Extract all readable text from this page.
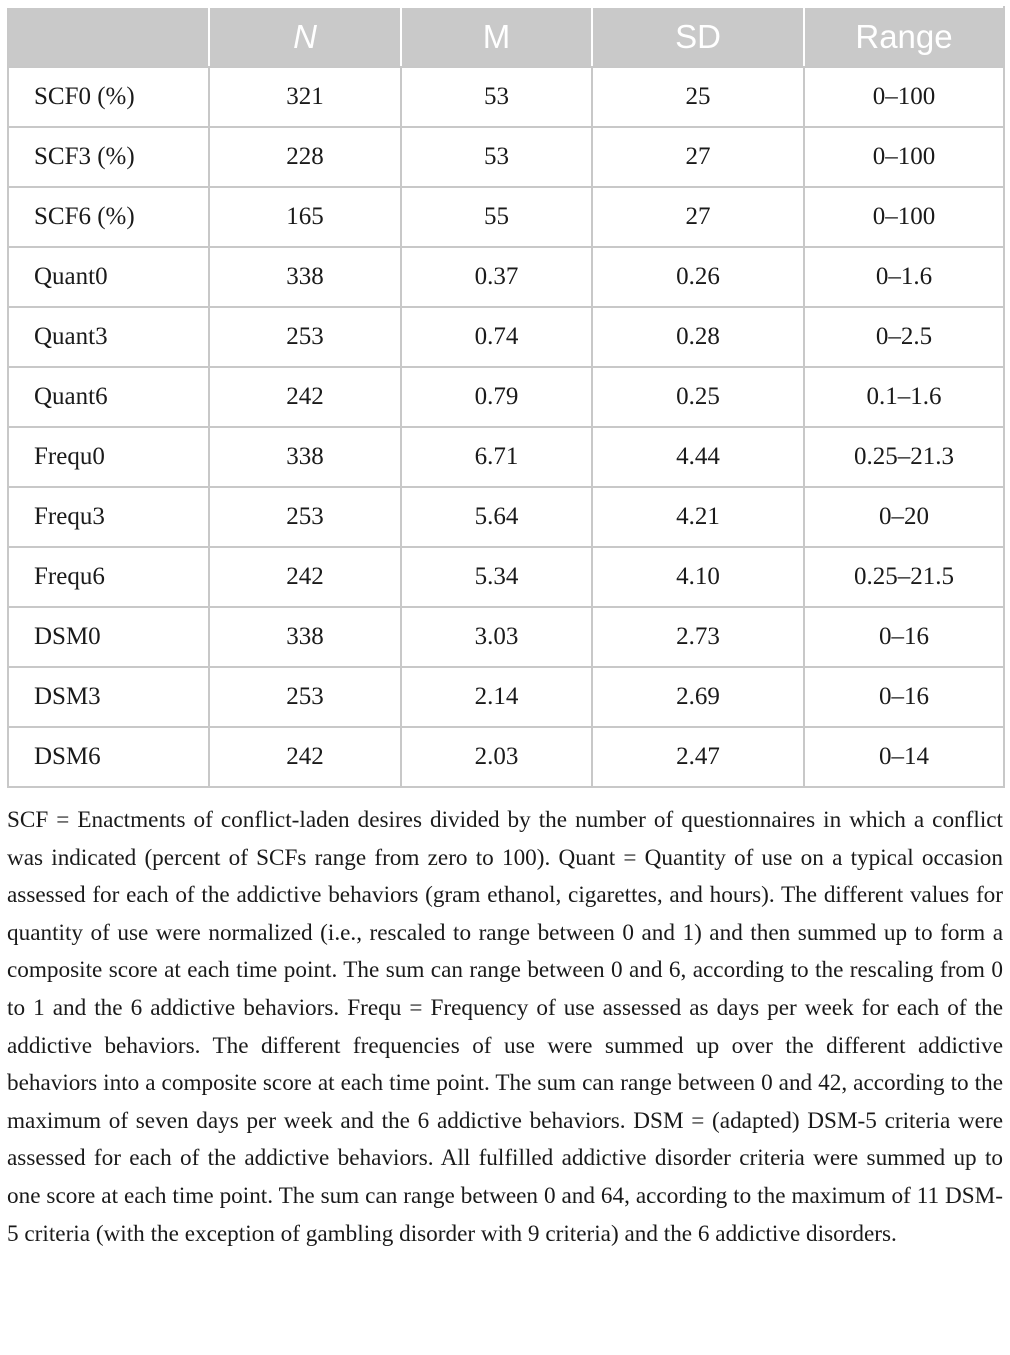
	N	M	SD	Range
SCF0 (%)	321	53	25	0–100
SCF3 (%)	228	53	27	0–100
SCF6 (%)	165	55	27	0–100
Quant0	338	0.37	0.26	0–1.6
Quant3	253	0.74	0.28	0–2.5
Quant6	242	0.79	0.25	0.1–1.6
Frequ0	338	6.71	4.44	0.25–21.3
Frequ3	253	5.64	4.21	0–20
Frequ6	242	5.34	4.10	0.25–21.5
DSM0	338	3.03	2.73	0–16
DSM3	253	2.14	2.69	0–16
DSM6	242	2.03	2.47	0–14

SCF = Enactments of conflict-laden desires divided by the number of questionnaires in which a conflict was indicated (percent of SCFs range from zero to 100). Quant = Quantity of use on a typical occasion assessed for each of the addictive behaviors (gram ethanol, cigarettes, and hours). The different values for quantity of use were normalized (i.e., rescaled to range between 0 and 1) and then summed up to form a composite score at each time point. The sum can range between 0 and 6, according to the rescaling from 0 to 1 and the 6 addictive behaviors. Frequ = Frequency of use assessed as days per week for each of the addictive behaviors. The different frequencies of use were summed up over the different addictive behaviors into a composite score at each time point. The sum can range between 0 and 42, according to the maximum of seven days per week and the 6 addictive behaviors. DSM = (adapted) DSM-5 criteria were assessed for each of the addictive behaviors. All fulfilled addictive disorder criteria were summed up to one score at each time point. The sum can range between 0 and 64, according to the maximum of 11 DSM-5 criteria (with the exception of gambling disorder with 9 criteria) and the 6 addictive disorders.
